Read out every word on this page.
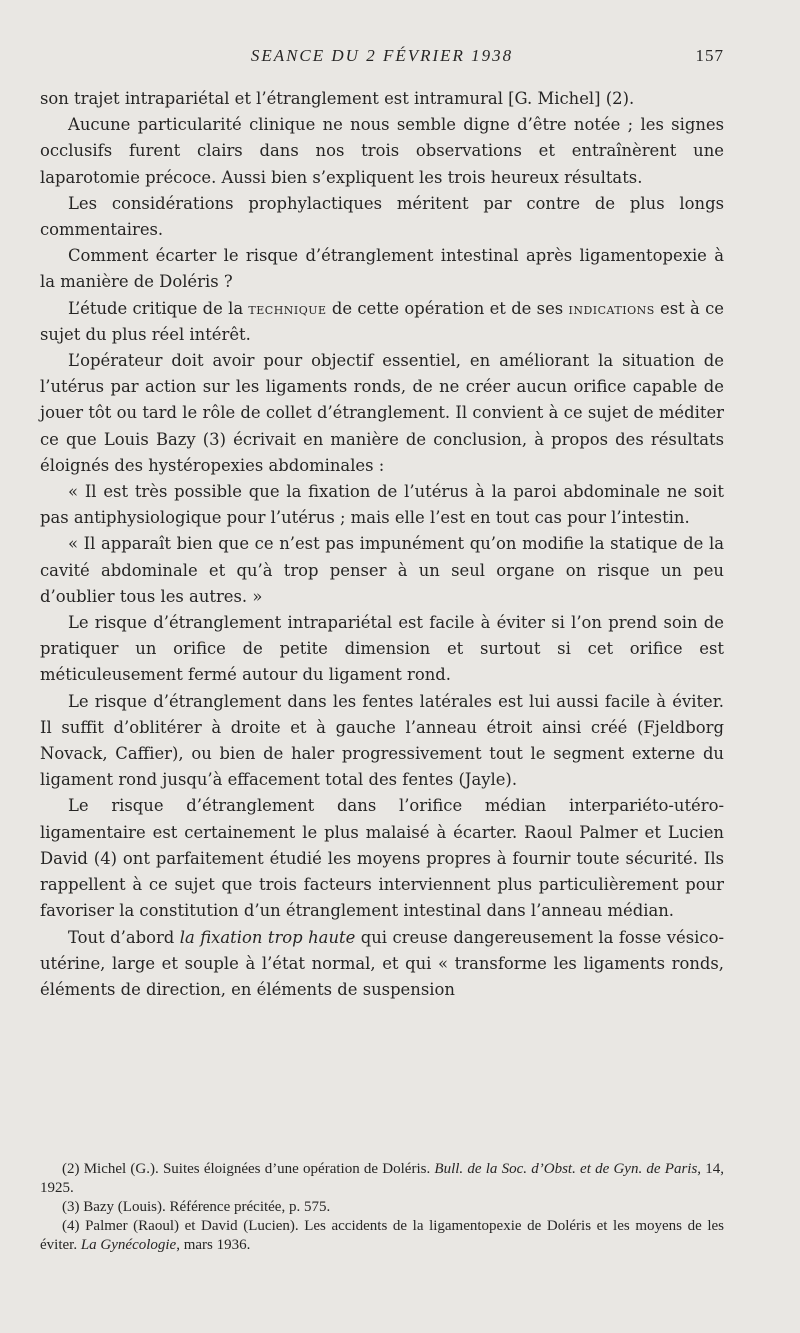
SEANCE DU 2 FÉVRIER 1938	157

son trajet intrapariétal et l’étranglement est intramural [G. Michel] (2).

Aucune particularité clinique ne nous semble digne d’être notée ; les signes occlusifs furent clairs dans nos trois observations et entraînèrent une laparotomie précoce. Aussi bien s’expliquent les trois heureux résultats.

Les considérations prophylactiques méritent par contre de plus longs commentaires.

Comment écarter le risque d’étranglement intestinal après ligamentopexie à la manière de Doléris ?

L’étude critique de la technique de cette opération et de ses indications est à ce sujet du plus réel intérêt.

L’opérateur doit avoir pour objectif essentiel, en améliorant la situation de l’utérus par action sur les ligaments ronds, de ne créer aucun orifice capable de jouer tôt ou tard le rôle de collet d’étranglement. Il convient à ce sujet de méditer ce que Louis Bazy (3) écrivait en manière de conclusion, à propos des résultats éloignés des hystéropexies abdominales :

« Il est très possible que la fixation de l’utérus à la paroi abdominale ne soit pas antiphysiologique pour l’utérus ; mais elle l’est en tout cas pour l’intestin.

« Il apparaît bien que ce n’est pas impunément qu’on modifie la statique de la cavité abdominale et qu’à trop penser à un seul organe on risque un peu d’oublier tous les autres. »

Le risque d’étranglement intrapariétal est facile à éviter si l’on prend soin de pratiquer un orifice de petite dimension et surtout si cet orifice est méticuleusement fermé autour du ligament rond.

Le risque d’étranglement dans les fentes latérales est lui aussi facile à éviter. Il suffit d’oblitérer à droite et à gauche l’anneau étroit ainsi créé (Fjeldborg Novack, Caffier), ou bien de haler progressivement tout le segment externe du ligament rond jusqu’à effacement total des fentes (Jayle).

Le risque d’étranglement dans l’orifice médian interpariéto-utéro-ligamentaire est certainement le plus malaisé à écarter. Raoul Palmer et Lucien David (4) ont parfaitement étudié les moyens propres à fournir toute sécurité. Ils rappellent à ce sujet que trois facteurs interviennent plus particulièrement pour favoriser la constitution d’un étranglement intestinal dans l’anneau médian.

Tout d’abord la fixation trop haute qui creuse dangereusement la fosse vésico-utérine, large et souple à l’état normal, et qui « transforme les ligaments ronds, éléments de direction, en éléments de suspension

(2) Michel (G.). Suites éloignées d’une opération de Doléris. Bull. de la Soc. d’Obst. et de Gyn. de Paris, 14, 1925.

(3) Bazy (Louis). Référence précitée, p. 575.

(4) Palmer (Raoul) et David (Lucien). Les accidents de la ligamentopexie de Doléris et les moyens de les éviter. La Gynécologie, mars 1936.
